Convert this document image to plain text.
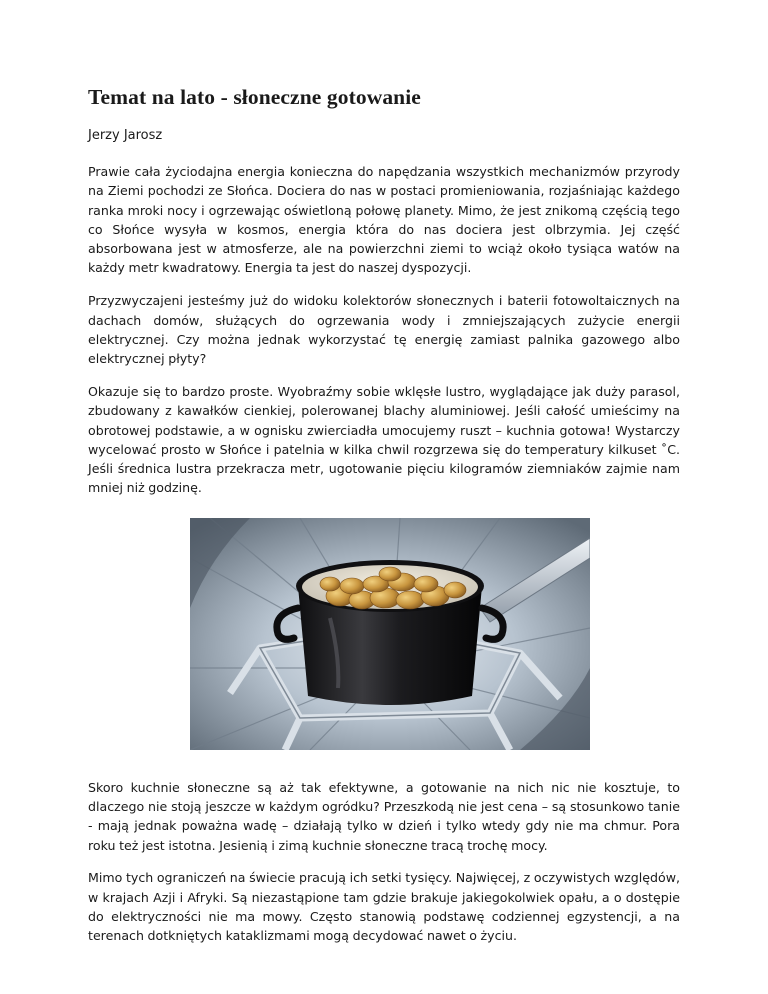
Temat na lato - słoneczne gotowanie
Jerzy Jarosz

Prawie cała życiodajna energia konieczna do napędzania wszystkich mechanizmów przyrody na Ziemi pochodzi ze Słońca. Dociera do nas w postaci promieniowania, rozjaśniając każdego ranka mroki nocy i ogrzewając oświetloną połowę planety. Mimo, że jest znikomą częścią tego co Słońce wysyła w kosmos, energia która do nas dociera jest olbrzymia. Jej część absorbowana jest w atmosferze, ale na powierzchni ziemi to wciąż około tysiąca watów na każdy metr kwadratowy. Energia ta jest do naszej dyspozycji.

Przyzwyczajeni jesteśmy już do widoku kolektorów słonecznych i baterii fotowoltaicznych na dachach domów, służących do ogrzewania wody i zmniejszających zużycie energii elektrycznej. Czy można jednak wykorzystać tę energię zamiast palnika gazowego albo elektrycznej płyty?

Okazuje się to bardzo proste. Wyobraźmy sobie wklęsłe lustro, wyglądające jak duży parasol, zbudowany z kawałków cienkiej, polerowanej blachy aluminiowej. Jeśli całość umieścimy na obrotowej podstawie, a w ognisku zwierciadła umocujemy ruszt – kuchnia gotowa! Wystarczy wycelować prosto w Słońce i patelnia w kilka chwil rozgrzewa się do temperatury kilkuset ˚C. Jeśli średnica lustra przekracza metr, ugotowanie pięciu kilogramów ziemniaków zajmie nam mniej niż godzinę.

Skoro kuchnie słoneczne są aż tak efektywne, a gotowanie na nich nic nie kosztuje, to dlaczego nie stoją jeszcze w każdym ogródku? Przeszkodą nie jest cena – są stosunkowo tanie - mają jednak poważna wadę – działają tylko w dzień i tylko wtedy gdy nie ma chmur. Pora roku też jest istotna. Jesienią i zimą kuchnie słoneczne tracą trochę mocy.

Mimo tych ograniczeń na świecie pracują ich setki tysięcy. Najwięcej, z oczywistych względów, w krajach Azji i Afryki. Są niezastąpione tam gdzie brakuje jakiegokolwiek opału, a o dostępie do elektryczności nie ma mowy. Często stanowią podstawę codziennej egzystencji, a na terenach dotkniętych kataklizmami mogą decydować nawet o życiu.
